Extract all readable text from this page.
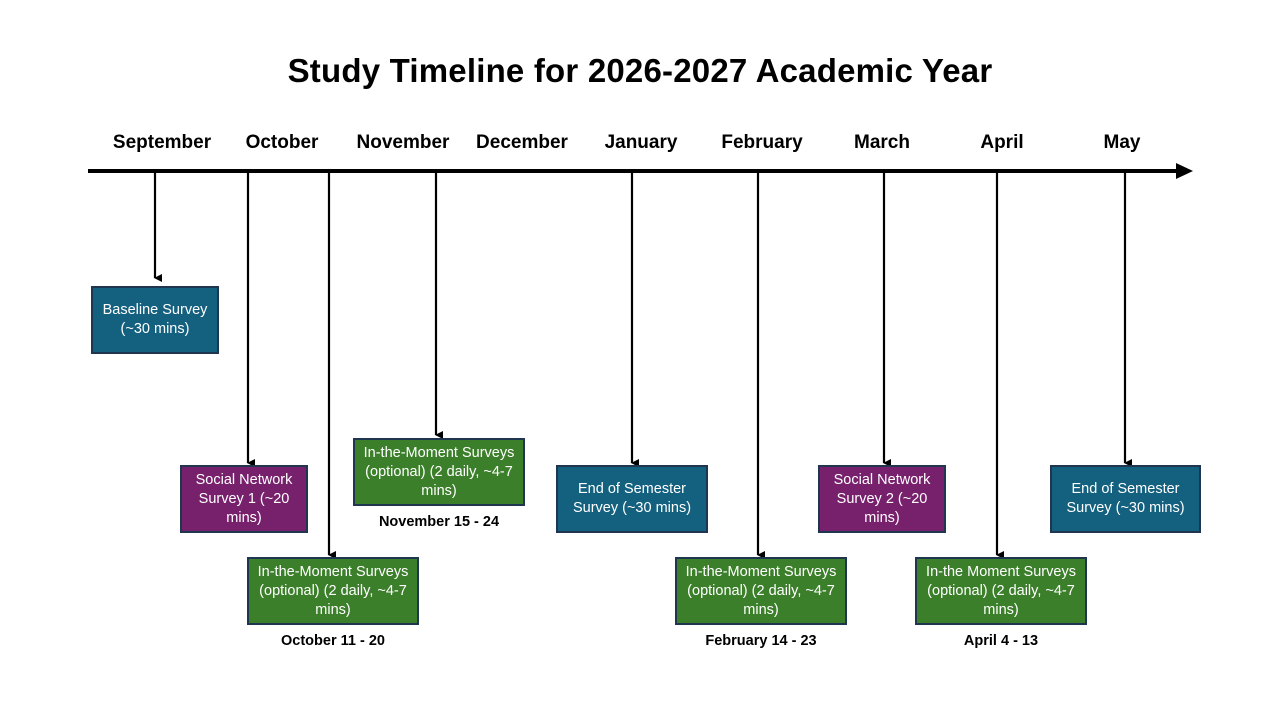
Study Timeline for 2026-2027 Academic Year
September	October	November	December	January	February	March	April	May
Baseline Survey (~30 mins)
Social Network Survey 1 (~20 mins)
In-the-Moment Surveys (optional) (2 daily, ~4-7 mins)
In-the-Moment Surveys (optional) (2 daily, ~4-7 mins)	End of Semester Survey (~30 mins)
In-the-Moment Surveys (optional) (2 daily, ~4-7 mins)
Social Network Survey 2 (~20 mins)
In-the Moment Surveys (optional) (2 daily, ~4-7 mins)
End of Semester Survey (~30 mins)
October 11 - 20
November 15 - 24
February 14 - 23	April 4 - 13
